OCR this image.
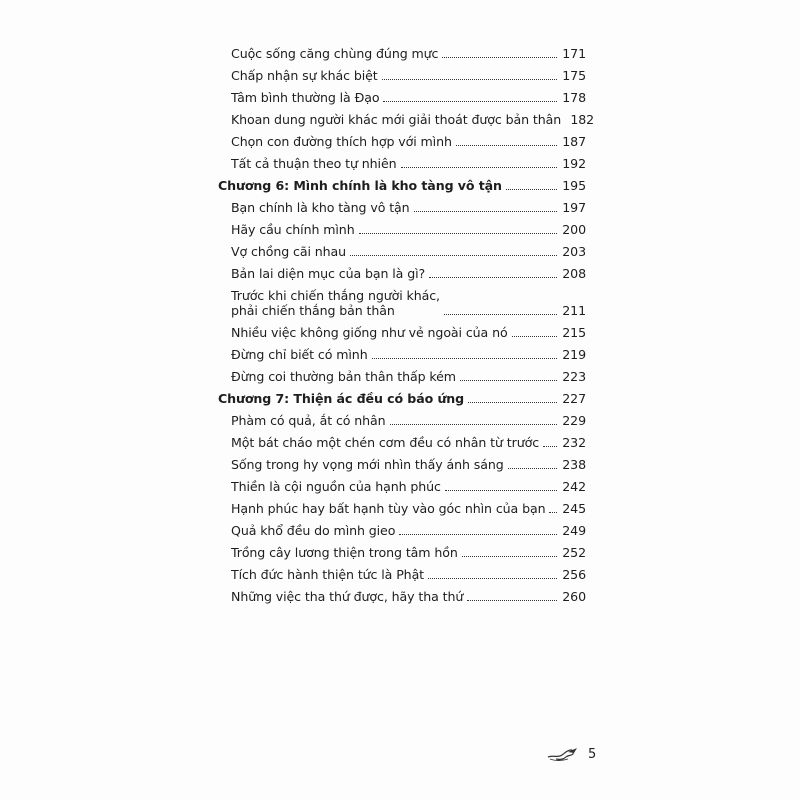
Cuộc sống căng chùng đúng mực	171
Chấp nhận sự khác biệt	175
Tâm bình thường là Đạo	178
Khoan dung người khác mới giải thoát được bản thân 182
Chọn con đường thích hợp với mình	187
Tất cả thuận theo tự nhiên	192
Chương 6: Mình chính là kho tàng vô tận	195
Bạn chính là kho tàng vô tận	197
Hãy cầu chính mình	200
Vợ chồng cãi nhau	203
Bản lai diện mục của bạn là gì?	208
Trước khi chiến thắng người khác,
phải chiến thắng bản thân	211
Nhiều việc không giống như vẻ ngoài của nó	215
Đừng chỉ biết có mình	219
Đừng coi thường bản thân thấp kém	223
Chương 7: Thiện ác đều có báo ứng	227
Phàm có quả, ắt có nhân	229
Một bát cháo một chén cơm đều có nhân từ trước 232
Sống trong hy vọng mới nhìn thấy ánh sáng	238
Thiền là cội nguồn của hạnh phúc	242
Hạnh phúc hay bất hạnh tùy vào góc nhìn của bạn 245
Quả khổ đều do mình gieo	249
Trồng cây lương thiện trong tâm hồn	252
Tích đức hành thiện tức là Phật	256
Những việc tha thứ được, hãy tha thứ	260
5
